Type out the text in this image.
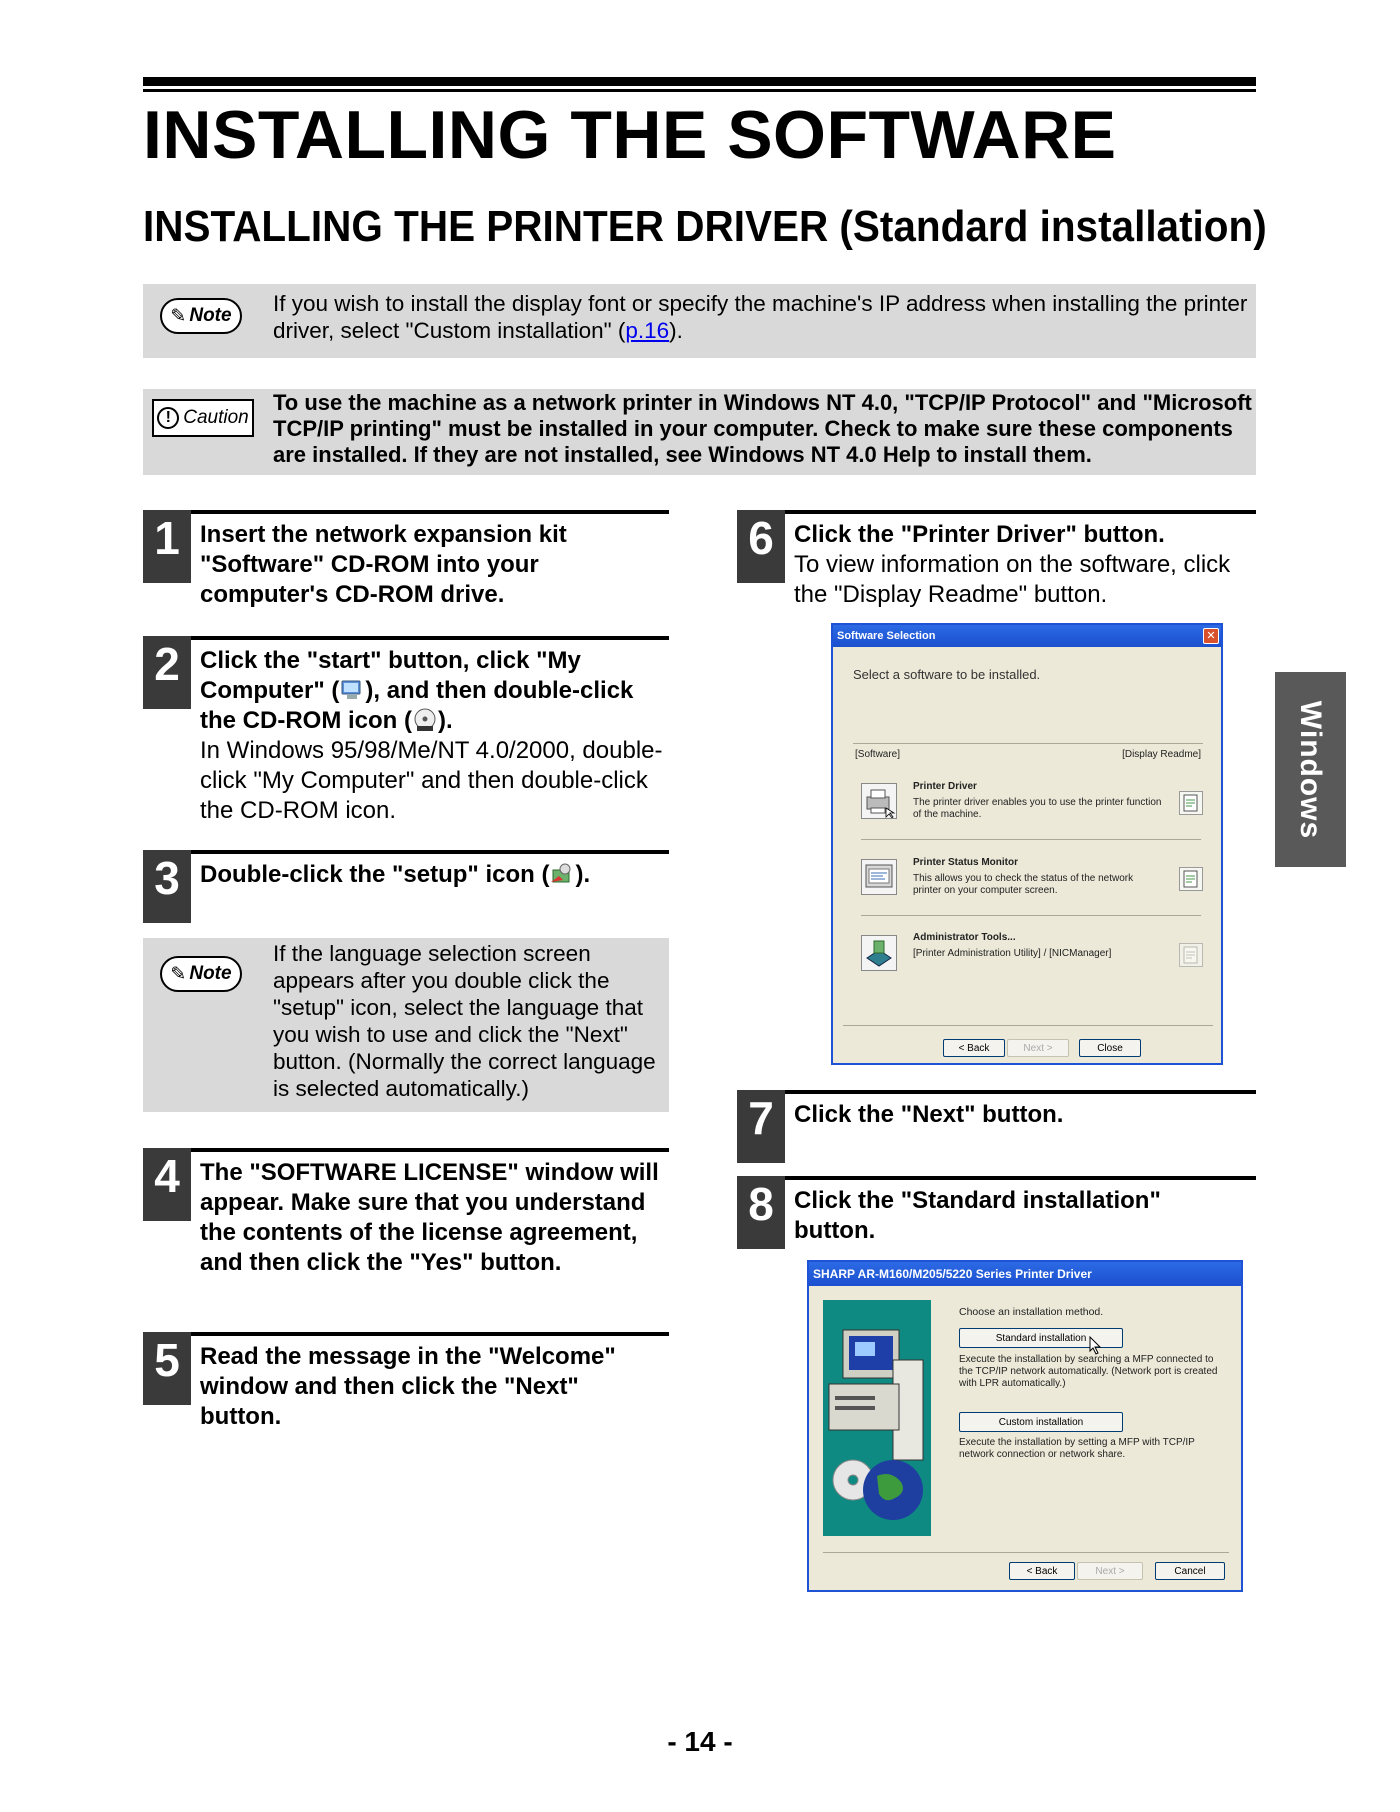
INSTALLING THE SOFTWARE
INSTALLING THE PRINTER DRIVER (Standard installation)
✎ Note If you wish to install the display font or specify the machine's IP address when installing the printer driver, select "Custom installation" (p.16).
! Caution
To use the machine as a network printer in Windows NT 4.0, "TCP/IP Protocol" and "Microsoft TCP/IP printing" must be installed in your computer. Check to make sure these components are installed. If they are not installed, see Windows NT 4.0 Help to install them.
1 Insert the network expansion kit "Software" CD-ROM into your computer's CD-ROM drive.
2 Click the "start" button, click "My Computer" ( ), and then double-click the CD-ROM icon ( ).
In Windows 95/98/Me/NT 4.0/2000, double-click "My Computer" and then double-click the CD-ROM icon.
3 Double-click the "setup" icon ( ).
✎ Note
If the language selection screen appears after you double click the "setup" icon, select the language that you wish to use and click the "Next" button. (Normally the correct language is selected automatically.)
4 The "SOFTWARE LICENSE" window will appear. Make sure that you understand the contents of the license agreement, and then click the "Yes" button.
5 Read the message in the "Welcome" window and then click the "Next" button.
6 Click the "Printer Driver" button.
To view information on the software, click the "Display Readme" button.
Software Selection	✕
Select a software to be installed.
[Software]	[Display Readme]
Printer Driver
The printer driver enables you to use the printer function of the machine.
Printer Status Monitor
This allows you to check the status of the network printer on your computer screen.
Administrator Tools...
[Printer Administration Utility] / [NICManager]
< Back	Next >	Close
7 Click the "Next" button.
8 Click the "Standard installation" button.
SHARP AR-M160/M205/5220 Series Printer Driver
Choose an installation method.
Standard installation
Execute the installation by searching a MFP connected to the TCP/IP network automatically. (Network port is created with LPR automatically.)
Custom installation
Execute the installation by setting a MFP with TCP/IP network connection or network share.
< Back	Next >	Cancel
Windows
- 14 -
